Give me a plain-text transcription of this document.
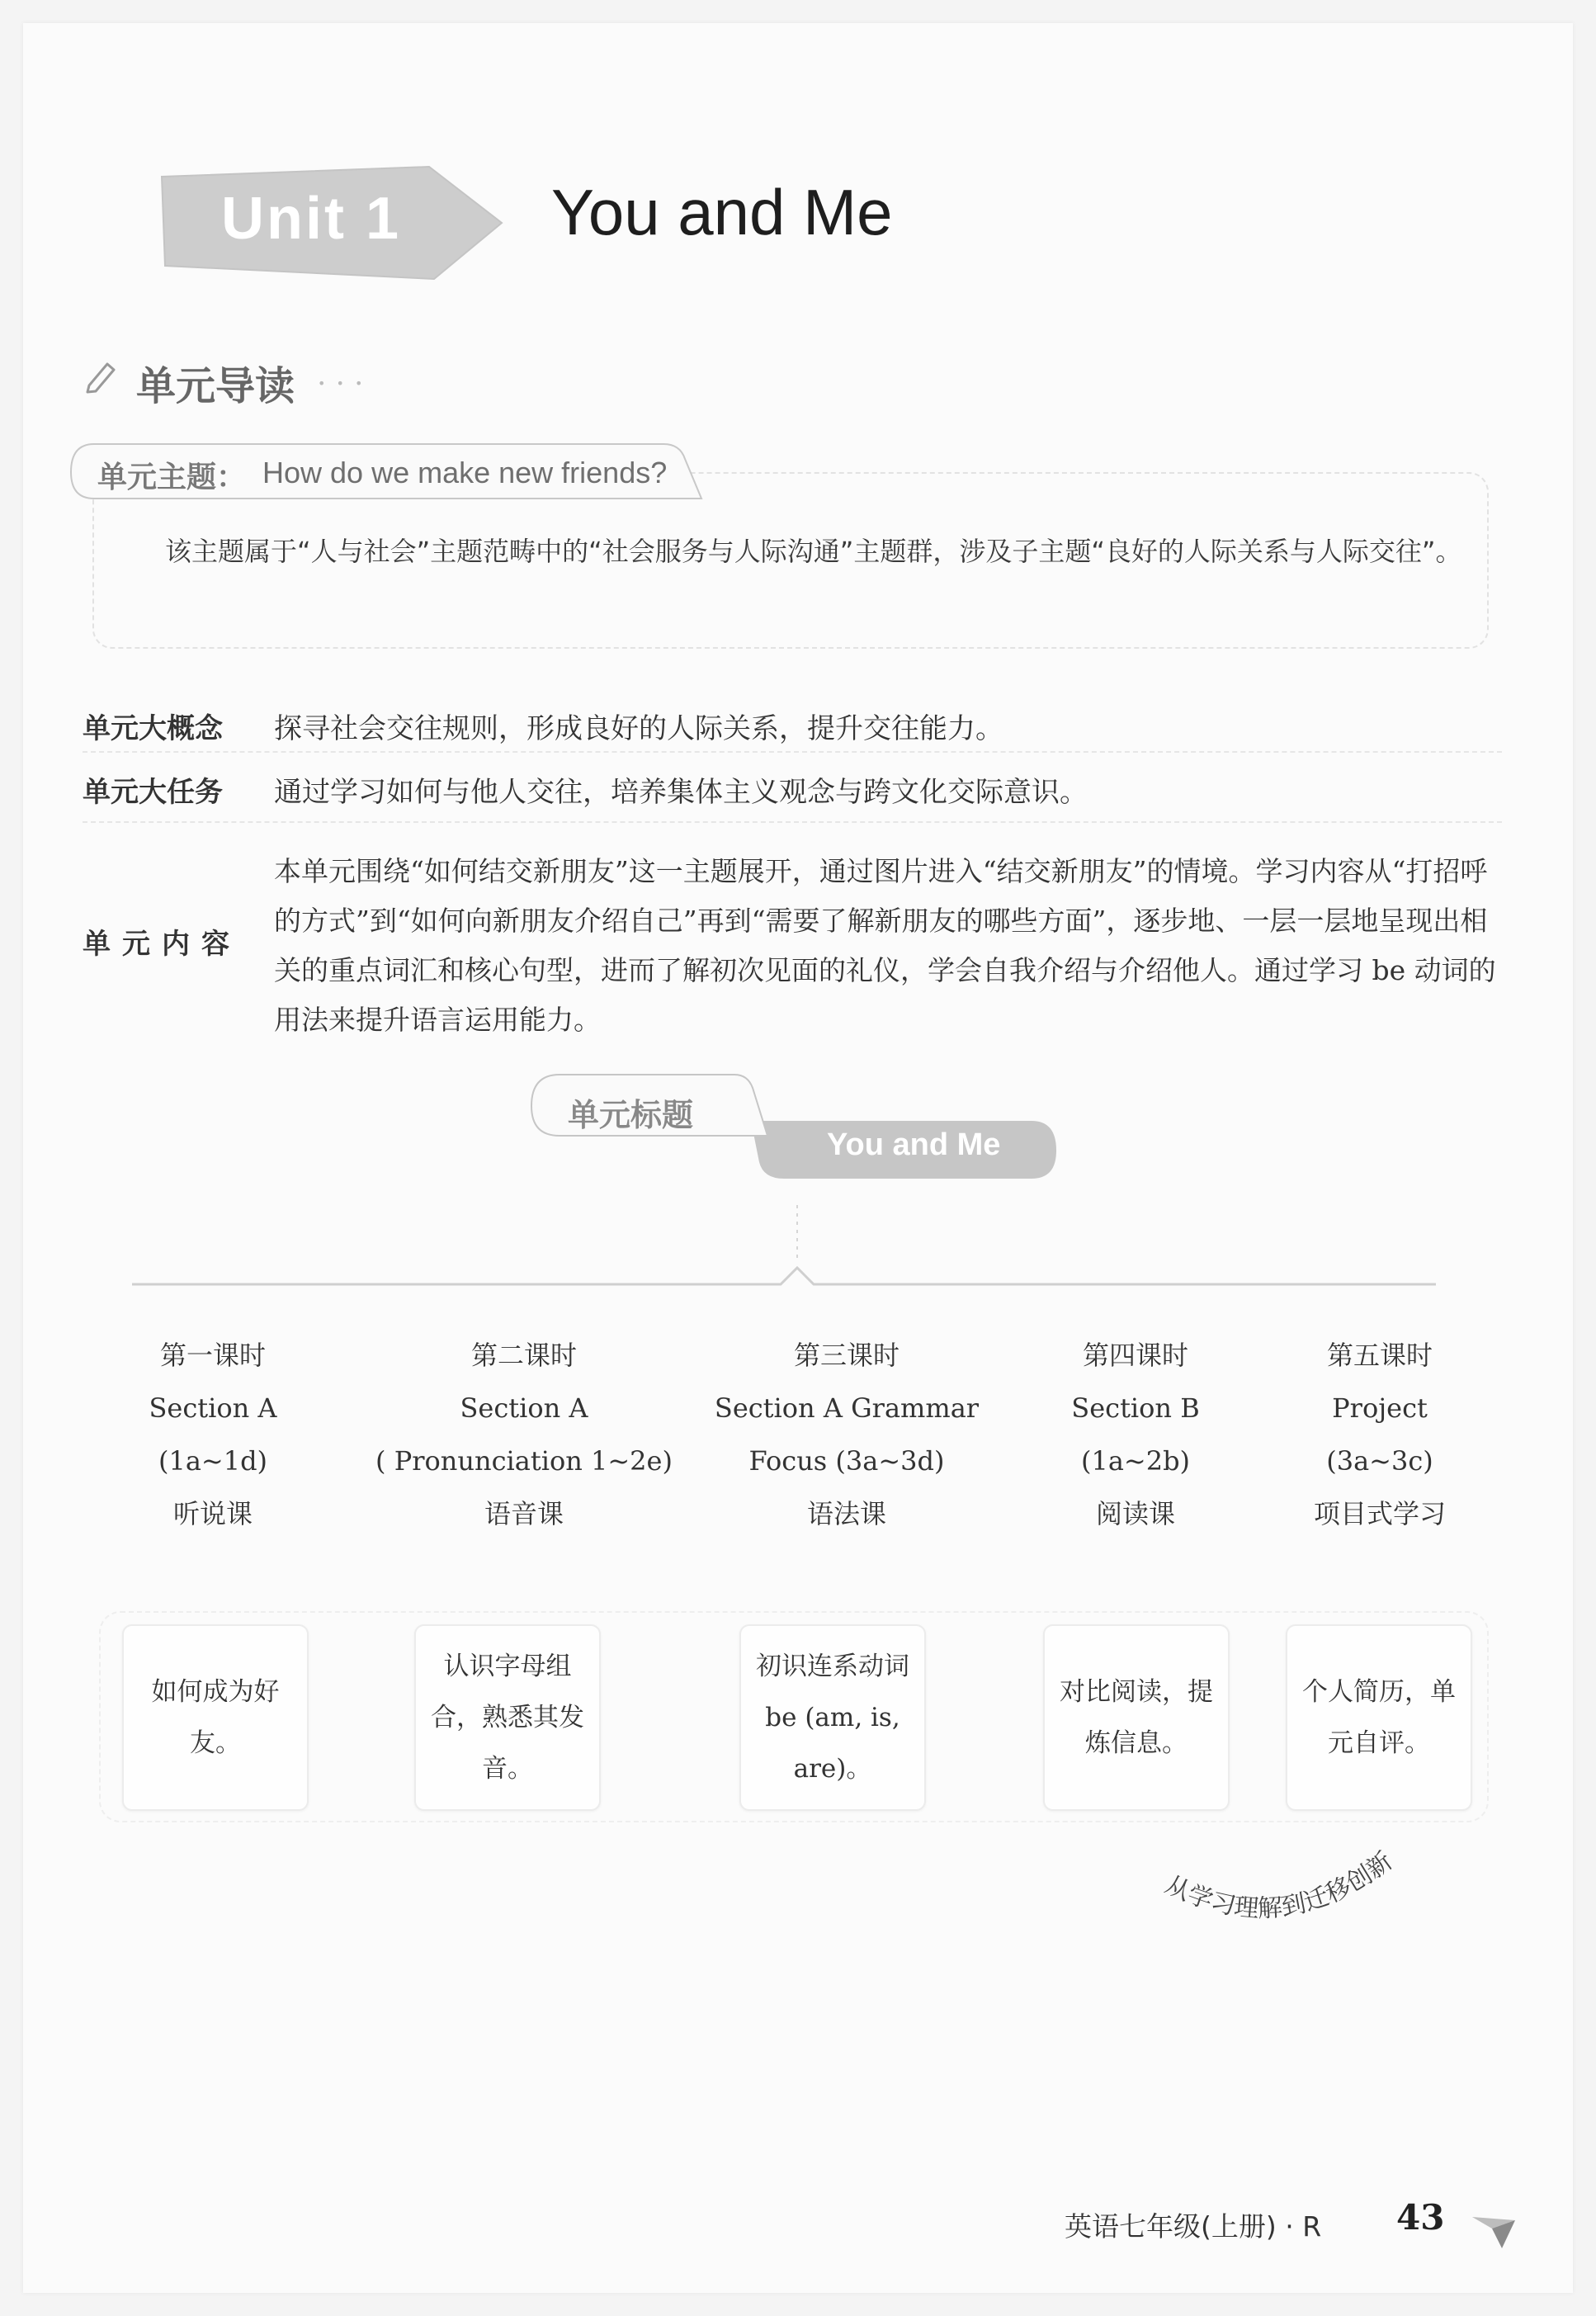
Unit 1 You and Me
单元导读 • • •
单元主题： How do we make new friends?
该主题属于“人与社会”主题范畴中的“社会服务与人际沟通”主题群，涉及子主题“良好的人际关系与人际交往”。
单元大概念 探寻社会交往规则，形成良好的人际关系，提升交往能力。
单元大任务 通过学习如何与他人交往，培养集体主义观念与跨文化交际意识。
单元内容
本单元围绕“如何结交新朋友”这一主题展开，通过图片进入“结交新朋友”的情境。学习内容从“打招呼的方式”到“如何向新朋友介绍自己”再到“需要了解新朋友的哪些方面”，逐步地、一层一层地呈现出相关的重点词汇和核心句型，进而了解初次见面的礼仪，学会自我介绍与介绍他人。通过学习 be 动词的用法来提升语言运用能力。
单元标题
You and Me
第一课时
Section A
(1a~1d)
听说课
第二课时
Section A
( Pronunciation 1~2e)
语音课
第三课时
Section A Grammar
Focus (3a~3d)
语法课
第四课时
Section B
(1a~2b)
阅读课
第五课时
Project
(3a~3c)
项目式学习
如何成为好友。
认识字母组合，熟悉其发音。
初识连系动词be (am, is, are)。
对比阅读，提炼信息。
个人简历，单元自评。
从学习理解到迁移创新
英语七年级(上册) · R 43
